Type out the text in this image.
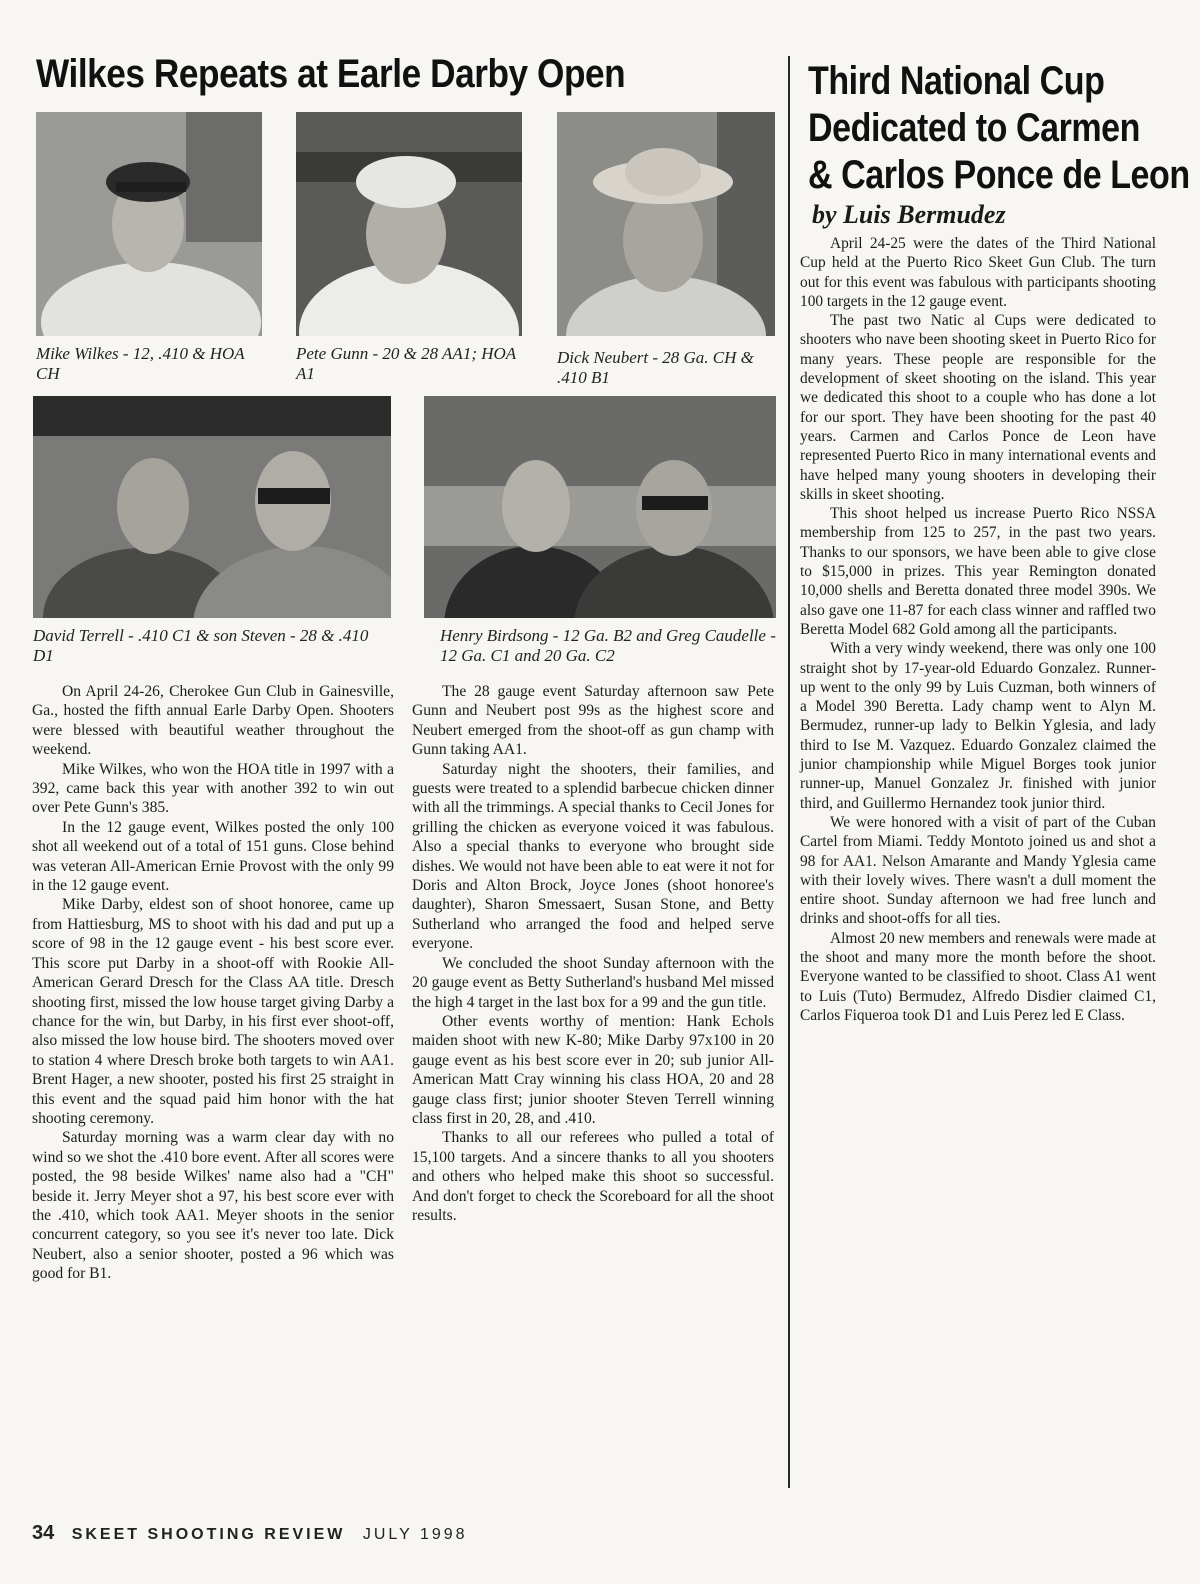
Wilkes Repeats at Earle Darby Open
Mike Wilkes - 12, .410 & HOA CH
Pete Gunn - 20 & 28 AA1; HOA A1
Dick Neubert - 28 Ga. CH & .410 B1
David Terrell - .410 C1 & son Steven - 28 & .410 D1
Henry Birdsong - 12 Ga. B2 and Greg Caudelle - 12 Ga. C1 and 20 Ga. C2

On April 24-26, Cherokee Gun Club in Gainesville, Ga., hosted the fifth annual Earle Darby Open. Shooters were blessed with beautiful weather throughout the weekend.

Mike Wilkes, who won the HOA title in 1997 with a 392, came back this year with another 392 to win out over Pete Gunn's 385.

In the 12 gauge event, Wilkes posted the only 100 shot all weekend out of a total of 151 guns. Close behind was veteran All-American Ernie Provost with the only 99 in the 12 gauge event.

Mike Darby, eldest son of shoot honoree, came up from Hattiesburg, MS to shoot with his dad and put up a score of 98 in the 12 gauge event - his best score ever. This score put Darby in a shoot-off with Rookie All-American Gerard Dresch for the Class AA title. Dresch shooting first, missed the low house target giving Darby a chance for the win, but Darby, in his first ever shoot-off, also missed the low house bird. The shooters moved over to station 4 where Dresch broke both targets to win AA1. Brent Hager, a new shooter, posted his first 25 straight in this event and the squad paid him honor with the hat shooting ceremony.

Saturday morning was a warm clear day with no wind so we shot the .410 bore event. After all scores were posted, the 98 beside Wilkes' name also had a "CH" beside it. Jerry Meyer shot a 97, his best score ever with the .410, which took AA1. Meyer shoots in the senior concurrent category, so you see it's never too late. Dick Neubert, also a senior shooter, posted a 96 which was good for B1.

The 28 gauge event Saturday afternoon saw Pete Gunn and Neubert post 99s as the highest score and Neubert emerged from the shoot-off as gun champ with Gunn taking AA1.

Saturday night the shooters, their families, and guests were treated to a splendid barbecue chicken dinner with all the trimmings. A special thanks to Cecil Jones for grilling the chicken as everyone voiced it was fabulous. Also a special thanks to everyone who brought side dishes. We would not have been able to eat were it not for Doris and Alton Brock, Joyce Jones (shoot honoree's daughter), Sharon Smessaert, Susan Stone, and Betty Sutherland who arranged the food and helped serve everyone.

We concluded the shoot Sunday afternoon with the 20 gauge event as Betty Sutherland's husband Mel missed the high 4 target in the last box for a 99 and the gun title.

Other events worthy of mention: Hank Echols maiden shoot with new K-80; Mike Darby 97x100 in 20 gauge event as his best score ever in 20; sub junior All-American Matt Cray winning his class HOA, 20 and 28 gauge class first; junior shooter Steven Terrell winning class first in 20, 28, and .410.

Thanks to all our referees who pulled a total of 15,100 targets. And a sincere thanks to all you shooters and others who helped make this shoot so successful. And don't forget to check the Scoreboard for all the shoot results.

Third National Cup
Dedicated to Carmen
& Carlos Ponce de Leon
by Luis Bermudez

April 24-25 were the dates of the Third National Cup held at the Puerto Rico Skeet Gun Club. The turn out for this event was fabulous with participants shooting 100 targets in the 12 gauge event.

The past two Natic al Cups were dedicated to shooters who nave been shooting skeet in Puerto Rico for many years. These people are responsible for the development of skeet shooting on the island. This year we dedicated this shoot to a couple who has done a lot for our sport. They have been shooting for the past 40 years. Carmen and Carlos Ponce de Leon have represented Puerto Rico in many international events and have helped many young shooters in developing their skills in skeet shooting.

This shoot helped us increase Puerto Rico NSSA membership from 125 to 257, in the past two years. Thanks to our sponsors, we have been able to give close to $15,000 in prizes. This year Remington donated 10,000 shells and Beretta donated three model 390s. We also gave one 11-87 for each class winner and raffled two Beretta Model 682 Gold among all the participants.

With a very windy weekend, there was only one 100 straight shot by 17-year-old Eduardo Gonzalez. Runner-up went to the only 99 by Luis Cuzman, both winners of a Model 390 Beretta. Lady champ went to Alyn M. Bermudez, runner-up lady to Belkin Yglesia, and lady third to Ise M. Vazquez. Eduardo Gonzalez claimed the junior championship while Miguel Borges took junior runner-up, Manuel Gonzalez Jr. finished with junior third, and Guillermo Hernandez took junior third.

We were honored with a visit of part of the Cuban Cartel from Miami. Teddy Montoto joined us and shot a 98 for AA1. Nelson Amarante and Mandy Yglesia came with their lovely wives. There wasn't a dull moment the entire shoot. Sunday afternoon we had free lunch and drinks and shoot-offs for all ties.

Almost 20 new members and renewals were made at the shoot and many more the month before the shoot. Everyone wanted to be classified to shoot. Class A1 went to Luis (Tuto) Bermudez, Alfredo Disdier claimed C1, Carlos Fiqueroa took D1 and Luis Perez led E Class.

34 SKEET SHOOTING REVIEW JULY 1998
